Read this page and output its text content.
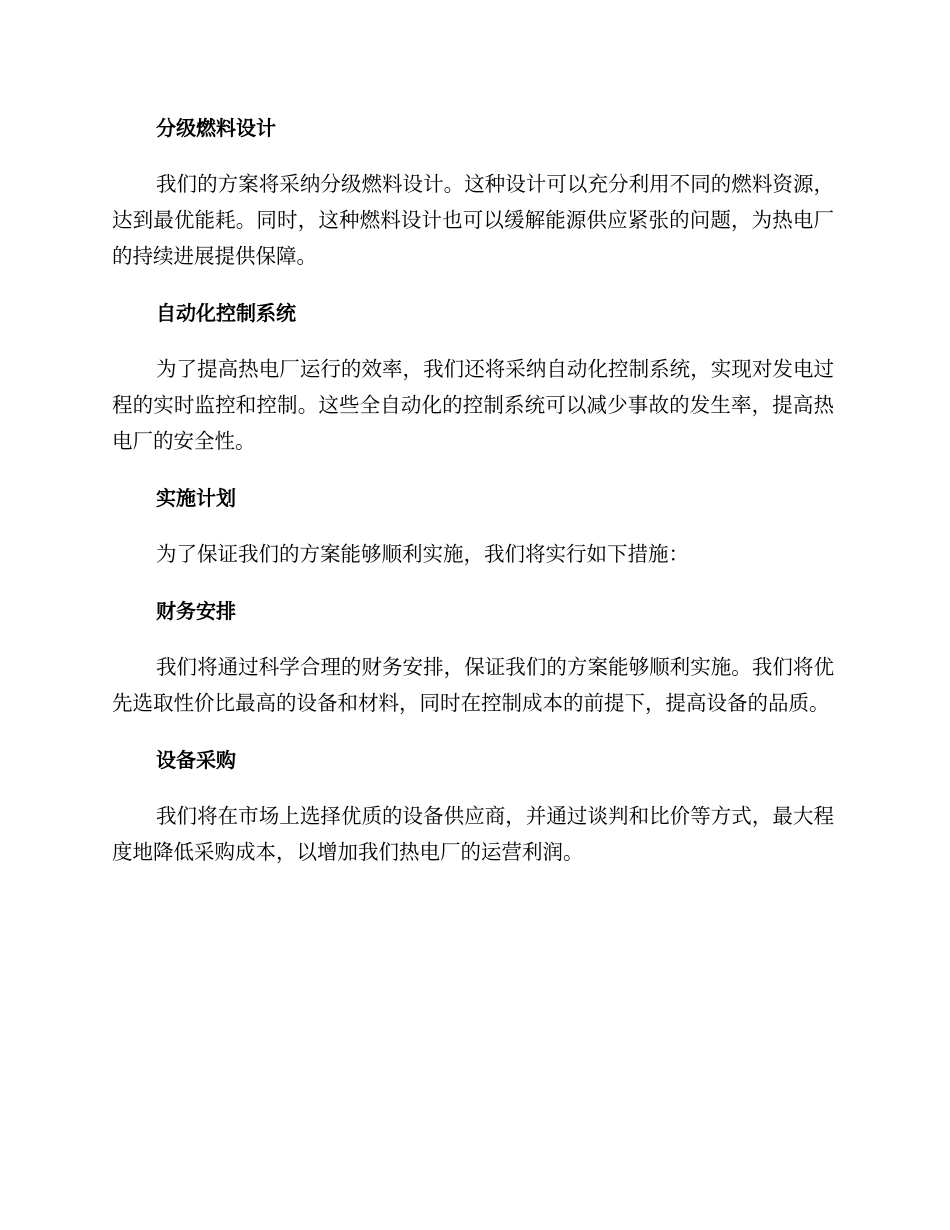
分级燃料设计

我们的方案将采纳分级燃料设计。这种设计可以充分利用不同的燃料资源，达到最优能耗。同时，这种燃料设计也可以缓解能源供应紧张的问题，为热电厂的持续进展提供保障。

自动化控制系统

为了提高热电厂运行的效率，我们还将采纳自动化控制系统，实现对发电过程的实时监控和控制。这些全自动化的控制系统可以减少事故的发生率，提高热电厂的安全性。

实施计划

为了保证我们的方案能够顺利实施，我们将实行如下措施：

财务安排

我们将通过科学合理的财务安排，保证我们的方案能够顺利实施。我们将优先选取性价比最高的设备和材料，同时在控制成本的前提下，提高设备的品质。

设备采购

我们将在市场上选择优质的设备供应商，并通过谈判和比价等方式，最大程度地降低采购成本，以增加我们热电厂的运营利润。
